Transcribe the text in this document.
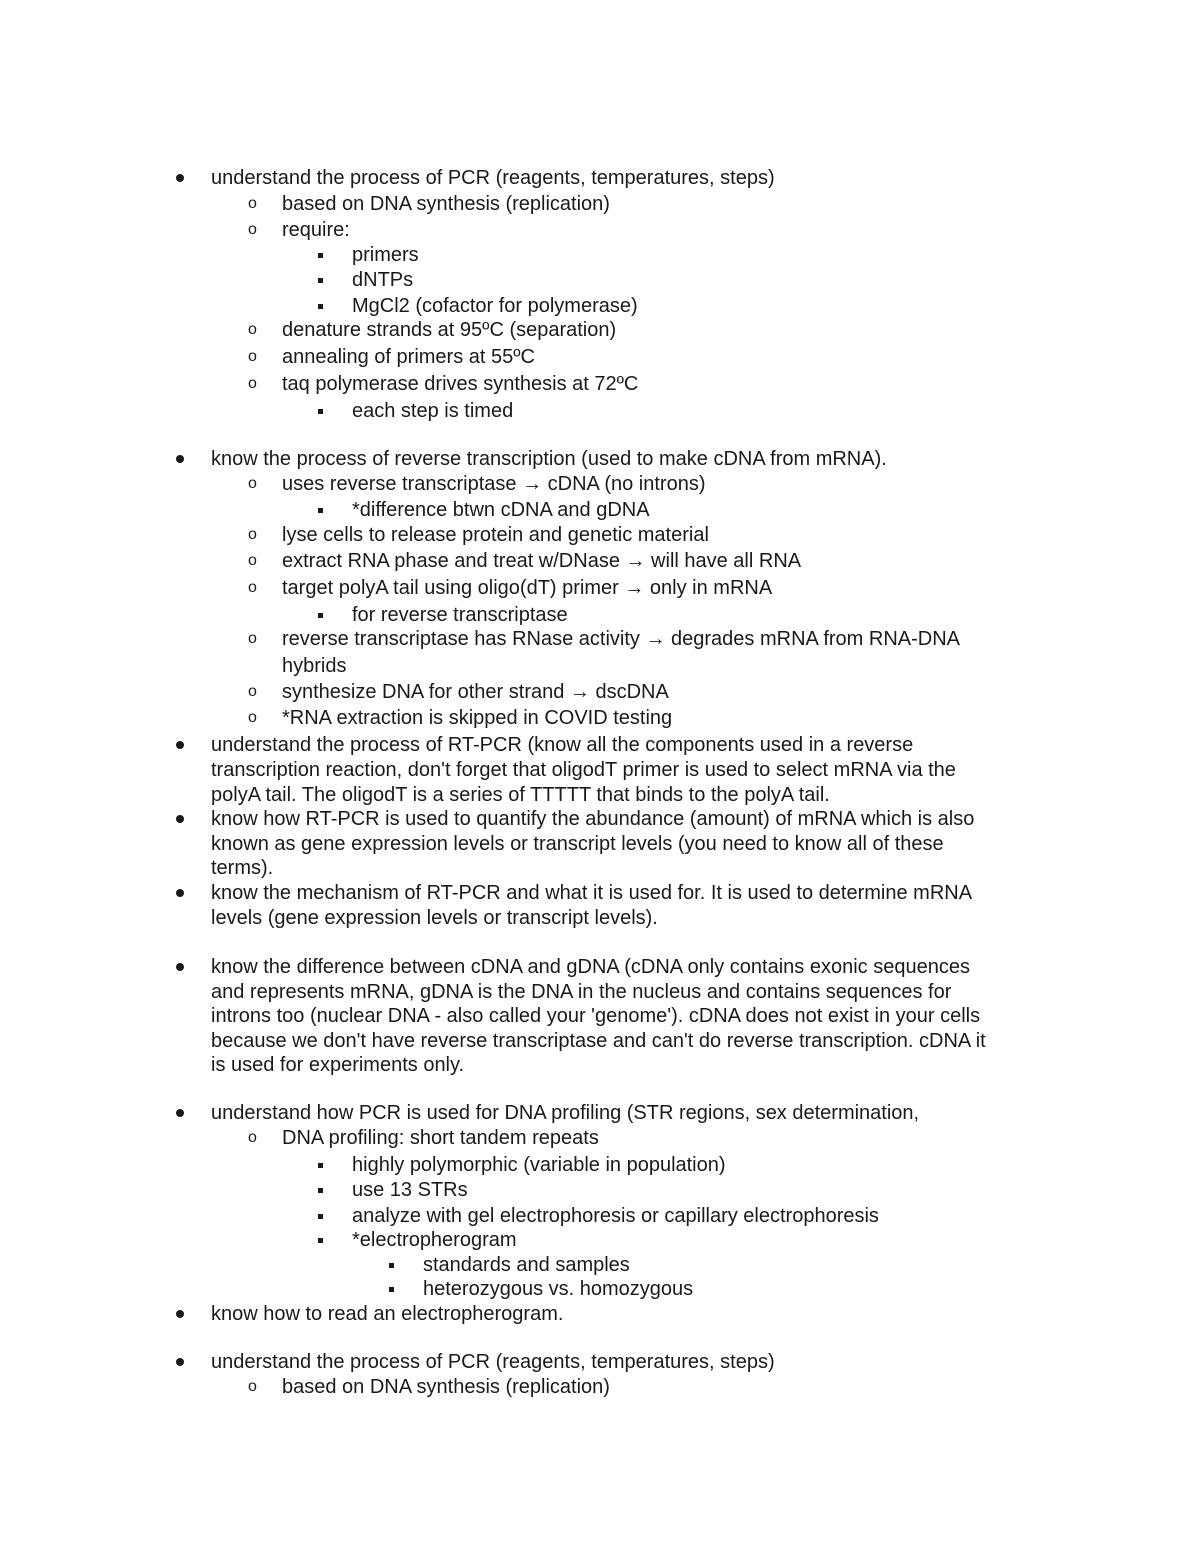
understand the process of PCR (reagents, temperatures, steps)
o based on DNA synthesis (replication)
o require:
primers
dNTPs
MgCl2 (cofactor for polymerase)
o denature strands at 95ºC (separation)
o annealing of primers at 55ºC
o taq polymerase drives synthesis at 72ºC
each step is timed
know the process of reverse transcription (used to make cDNA from mRNA).
o uses reverse transcriptase → cDNA (no introns)
*difference btwn cDNA and gDNA
o lyse cells to release protein and genetic material
o extract RNA phase and treat w/DNase → will have all RNA
o target polyA tail using oligo(dT) primer → only in mRNA
for reverse transcriptase
o reverse transcriptase has RNase activity → degrades mRNA from RNA-DNA
hybrids
o synthesize DNA for other strand → dscDNA
o *RNA extraction is skipped in COVID testing
understand the process of RT-PCR (know all the components used in a reverse
transcription reaction, don't forget that oligodT primer is used to select mRNA via the
polyA tail. The oligodT is a series of TTTTT that binds to the polyA tail.
know how RT-PCR is used to quantify the abundance (amount) of mRNA which is also
known as gene expression levels or transcript levels (you need to know all of these
terms).
know the mechanism of RT-PCR and what it is used for. It is used to determine mRNA
levels (gene expression levels or transcript levels).
know the difference between cDNA and gDNA (cDNA only contains exonic sequences
and represents mRNA, gDNA is the DNA in the nucleus and contains sequences for
introns too (nuclear DNA - also called your 'genome'). cDNA does not exist in your cells
because we don't have reverse transcriptase and can't do reverse transcription. cDNA it
is used for experiments only.
understand how PCR is used for DNA profiling (STR regions, sex determination,
o DNA profiling: short tandem repeats
highly polymorphic (variable in population)
use 13 STRs
analyze with gel electrophoresis or capillary electrophoresis
*electropherogram
standards and samples
heterozygous vs. homozygous
know how to read an electropherogram.
understand the process of PCR (reagents, temperatures, steps)
o based on DNA synthesis (replication)
